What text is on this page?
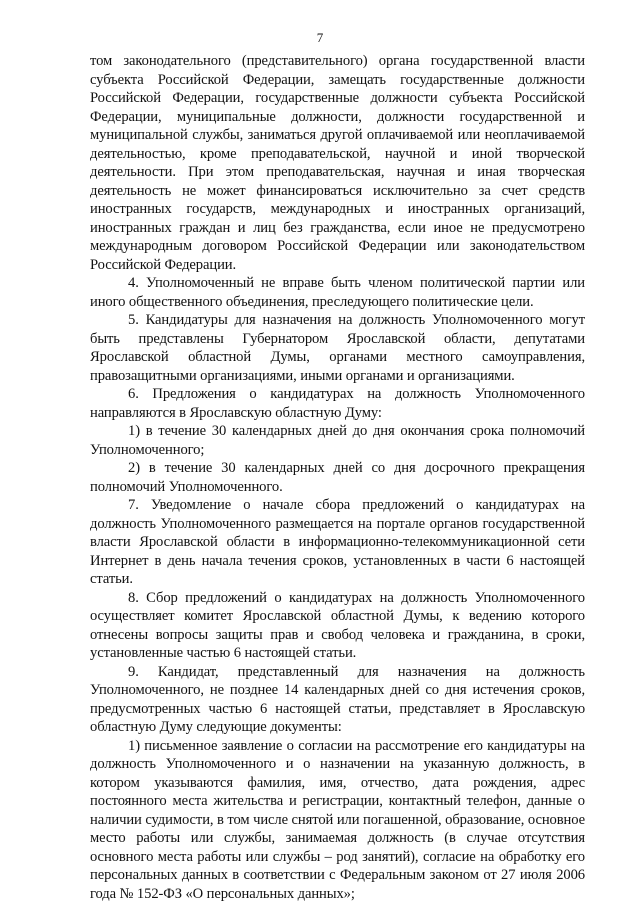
7

том законодательного (представительного) органа государственной власти субъекта Российской Федерации, замещать государственные должности Российской Федерации, государственные должности субъекта Российской Федерации, муниципальные должности, должности государственной и муниципальной службы, заниматься другой оплачиваемой или неоплачиваемой деятельностью, кроме преподавательской, научной и иной творческой деятельности. При этом преподавательская, научная и иная творческая деятельность не может финансироваться исключительно за счет средств иностранных государств, международных и иностранных организаций, иностранных граждан и лиц без гражданства, если иное не предусмотрено международным договором Российской Федерации или законодательством Российской Федерации.

4. Уполномоченный не вправе быть членом политической партии или иного общественного объединения, преследующего политические цели.

5. Кандидатуры для назначения на должность Уполномоченного могут быть представлены Губернатором Ярославской области, депутатами Ярославской областной Думы, органами местного самоуправления, правозащитными организациями, иными органами и организациями.

6. Предложения о кандидатурах на должность Уполномоченного направляются в Ярославскую областную Думу:

1) в течение 30 календарных дней до дня окончания срока полномочий Уполномоченного;

2) в течение 30 календарных дней со дня досрочного прекращения полномочий Уполномоченного.

7. Уведомление о начале сбора предложений о кандидатурах на должность Уполномоченного размещается на портале органов государственной власти Ярославской области в информационно-телекоммуникационной сети Интернет в день начала течения сроков, установленных в части 6 настоящей статьи.

8. Сбор предложений о кандидатурах на должность Уполномоченного осуществляет комитет Ярославской областной Думы, к ведению которого отнесены вопросы защиты прав и свобод человека и гражданина, в сроки, установленные частью 6 настоящей статьи.

9. Кандидат, представленный для назначения на должность Уполномоченного, не позднее 14 календарных дней со дня истечения сроков, предусмотренных частью 6 настоящей статьи, представляет в Ярославскую областную Думу следующие документы:

1) письменное заявление о согласии на рассмотрение его кандидатуры на должность Уполномоченного и о назначении на указанную должность, в котором указываются фамилия, имя, отчество, дата рождения, адрес постоянного места жительства и регистрации, контактный телефон, данные о наличии судимости, в том числе снятой или погашенной, образование, основное место работы или службы, занимаемая должность (в случае отсутствия основного места работы или службы – род занятий), согласие на обработку его персональных данных в соответствии с Федеральным законом от 27 июля 2006 года № 152-ФЗ «О персональных данных»;
